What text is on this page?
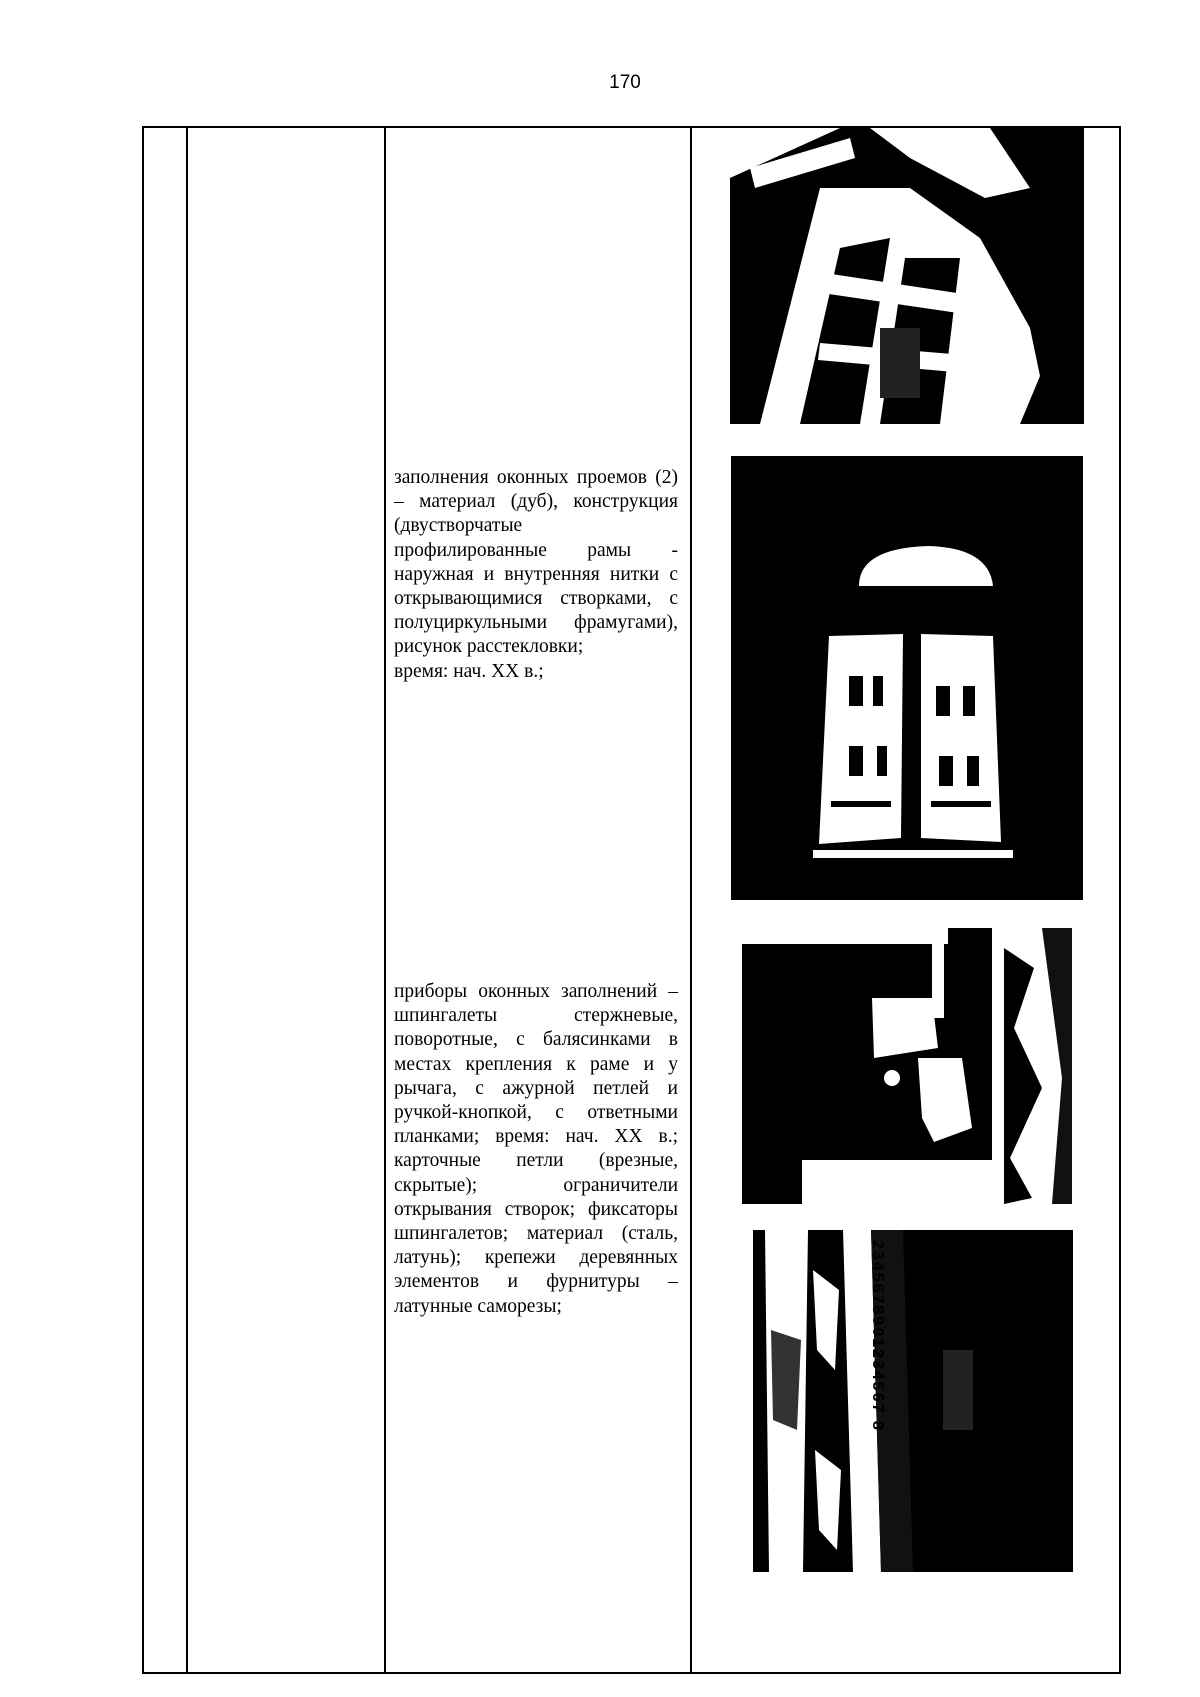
170

заполнения оконных проемов (2) – материал (дуб), конструкция (двустворчатые профилированные рамы - наружная и внутренняя нитки с открывающимися створками, с полуциркульными фрамугами), рисунок расстекловки;

время: нач. XX в.;

приборы оконных заполнений – шпингалеты стержневые, поворотные, с балясинками в местах крепления к раме и у рычага, с ажурной петлей и ручкой-кнопкой, с ответными планками; время: нач. XX в.; карточные петли (врезные, скрытые); ограничители открывания створок; фиксаторы шпингалетов; материал (сталь, латунь); крепежи деревянных элементов и фурнитуры – латунные саморезы;	2345678901234567 8
